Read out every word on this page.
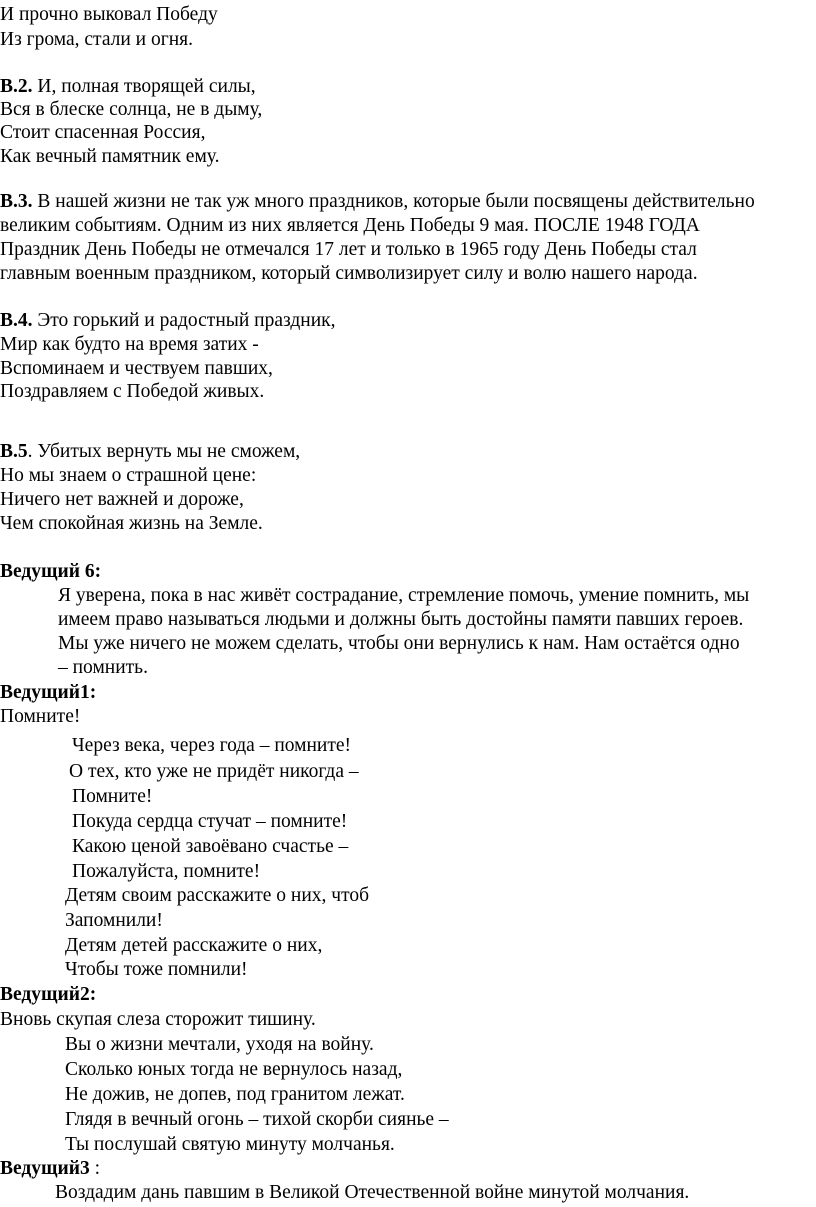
И прочно выковал Победу
Из грома, стали и огня.
В.2. И, полная творящей силы,
Вся в блеске солнца, не в дыму,
Стоит спасенная Россия,
Как вечный памятник ему.
В.3. В нашей жизни не так уж много праздников, которые были посвящены действительно
великим событиям. Одним из них является День Победы 9 мая. ПОСЛЕ 1948 ГОДА
Праздник День Победы не отмечался 17 лет и только в 1965 году День Победы стал
главным военным праздником, который символизирует силу и волю нашего народа.
В.4. Это горький и радостный праздник,
Мир как будто на время затих -
Вспоминаем и чествуем павших,
Поздравляем с Победой живых.
В.5. Убитых вернуть мы не сможем,
Но мы знаем о страшной цене:
Ничего нет важней и дороже,
Чем спокойная жизнь на Земле.
Ведущий 6:
Я уверена, пока в нас живёт сострадание, стремление помочь, умение помнить, мы
имеем право называться людьми и должны быть достойны памяти павших героев.
Мы уже ничего не можем сделать, чтобы они вернулись к нам. Нам остаётся одно
– помнить.
Ведущий1:
Помните!
Через века, через года – помните!
О тех, кто уже не придёт никогда –
Помните!
Покуда сердца стучат – помните!
Какою ценой завоёвано счастье –
Пожалуйста, помните!
Детям своим расскажите о них, чтоб
Запомнили!
Детям детей расскажите о них,
Чтобы тоже помнили!
Ведущий2:
Вновь скупая слеза сторожит тишину.
Вы о жизни мечтали, уходя на войну.
Сколько юных тогда не вернулось назад,
Не дожив, не допев, под гранитом лежат.
Глядя в вечный огонь – тихой скорби сиянье –
Ты послушай святую минуту молчанья.
Ведущий3 :
Воздадим дань павшим в Великой Отечественной войне минутой молчания.
